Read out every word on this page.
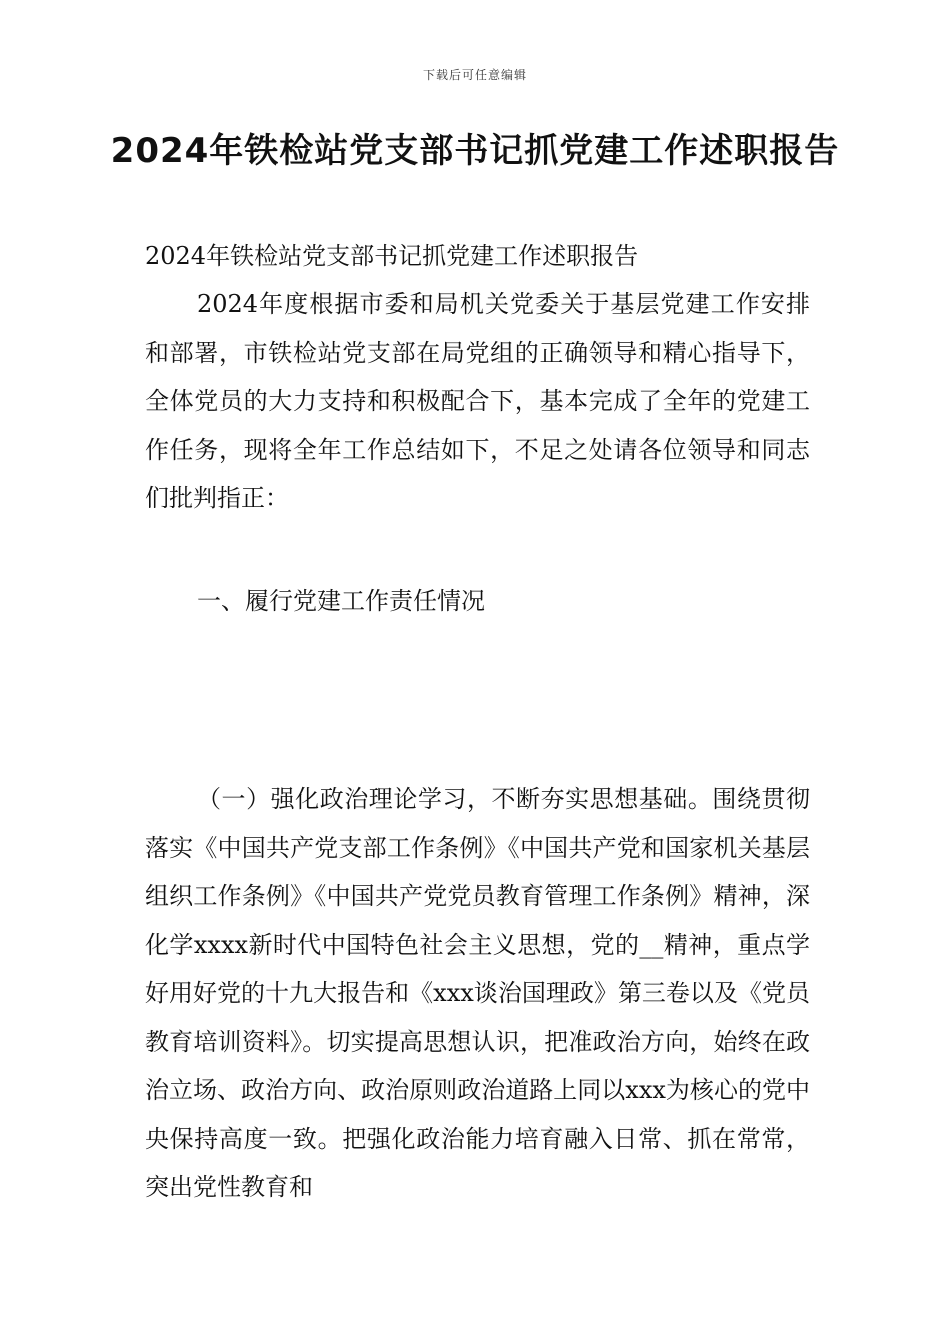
下载后可任意编辑
2024年铁检站党支部书记抓党建工作述职报告
2024年铁检站党支部书记抓党建工作述职报告

2024年度根据市委和局机关党委关于基层党建工作安排和部署，市铁检站党支部在局党组的正确领导和精心指导下，全体党员的大力支持和积极配合下，基本完成了全年的党建工作任务，现将全年工作总结如下，不足之处请各位领导和同志们批判指正：

一、履行党建工作责任情况

（一）强化政治理论学习，不断夯实思想基础。围绕贯彻落实《中国共产党支部工作条例》《中国共产党和国家机关基层组织工作条例》《中国共产党党员教育管理工作条例》精神，深化学xxxx新时代中国特色社会主义思想，党的__精神，重点学好用好党的十九大报告和《xxx谈治国理政》第三卷以及《党员教育培训资料》。切实提高思想认识，把准政治方向，始终在政治立场、政治方向、政治原则政治道路上同以xxx为核心的党中央保持高度一致。把强化政治能力培育融入日常、抓在常常，突出党性教育和
